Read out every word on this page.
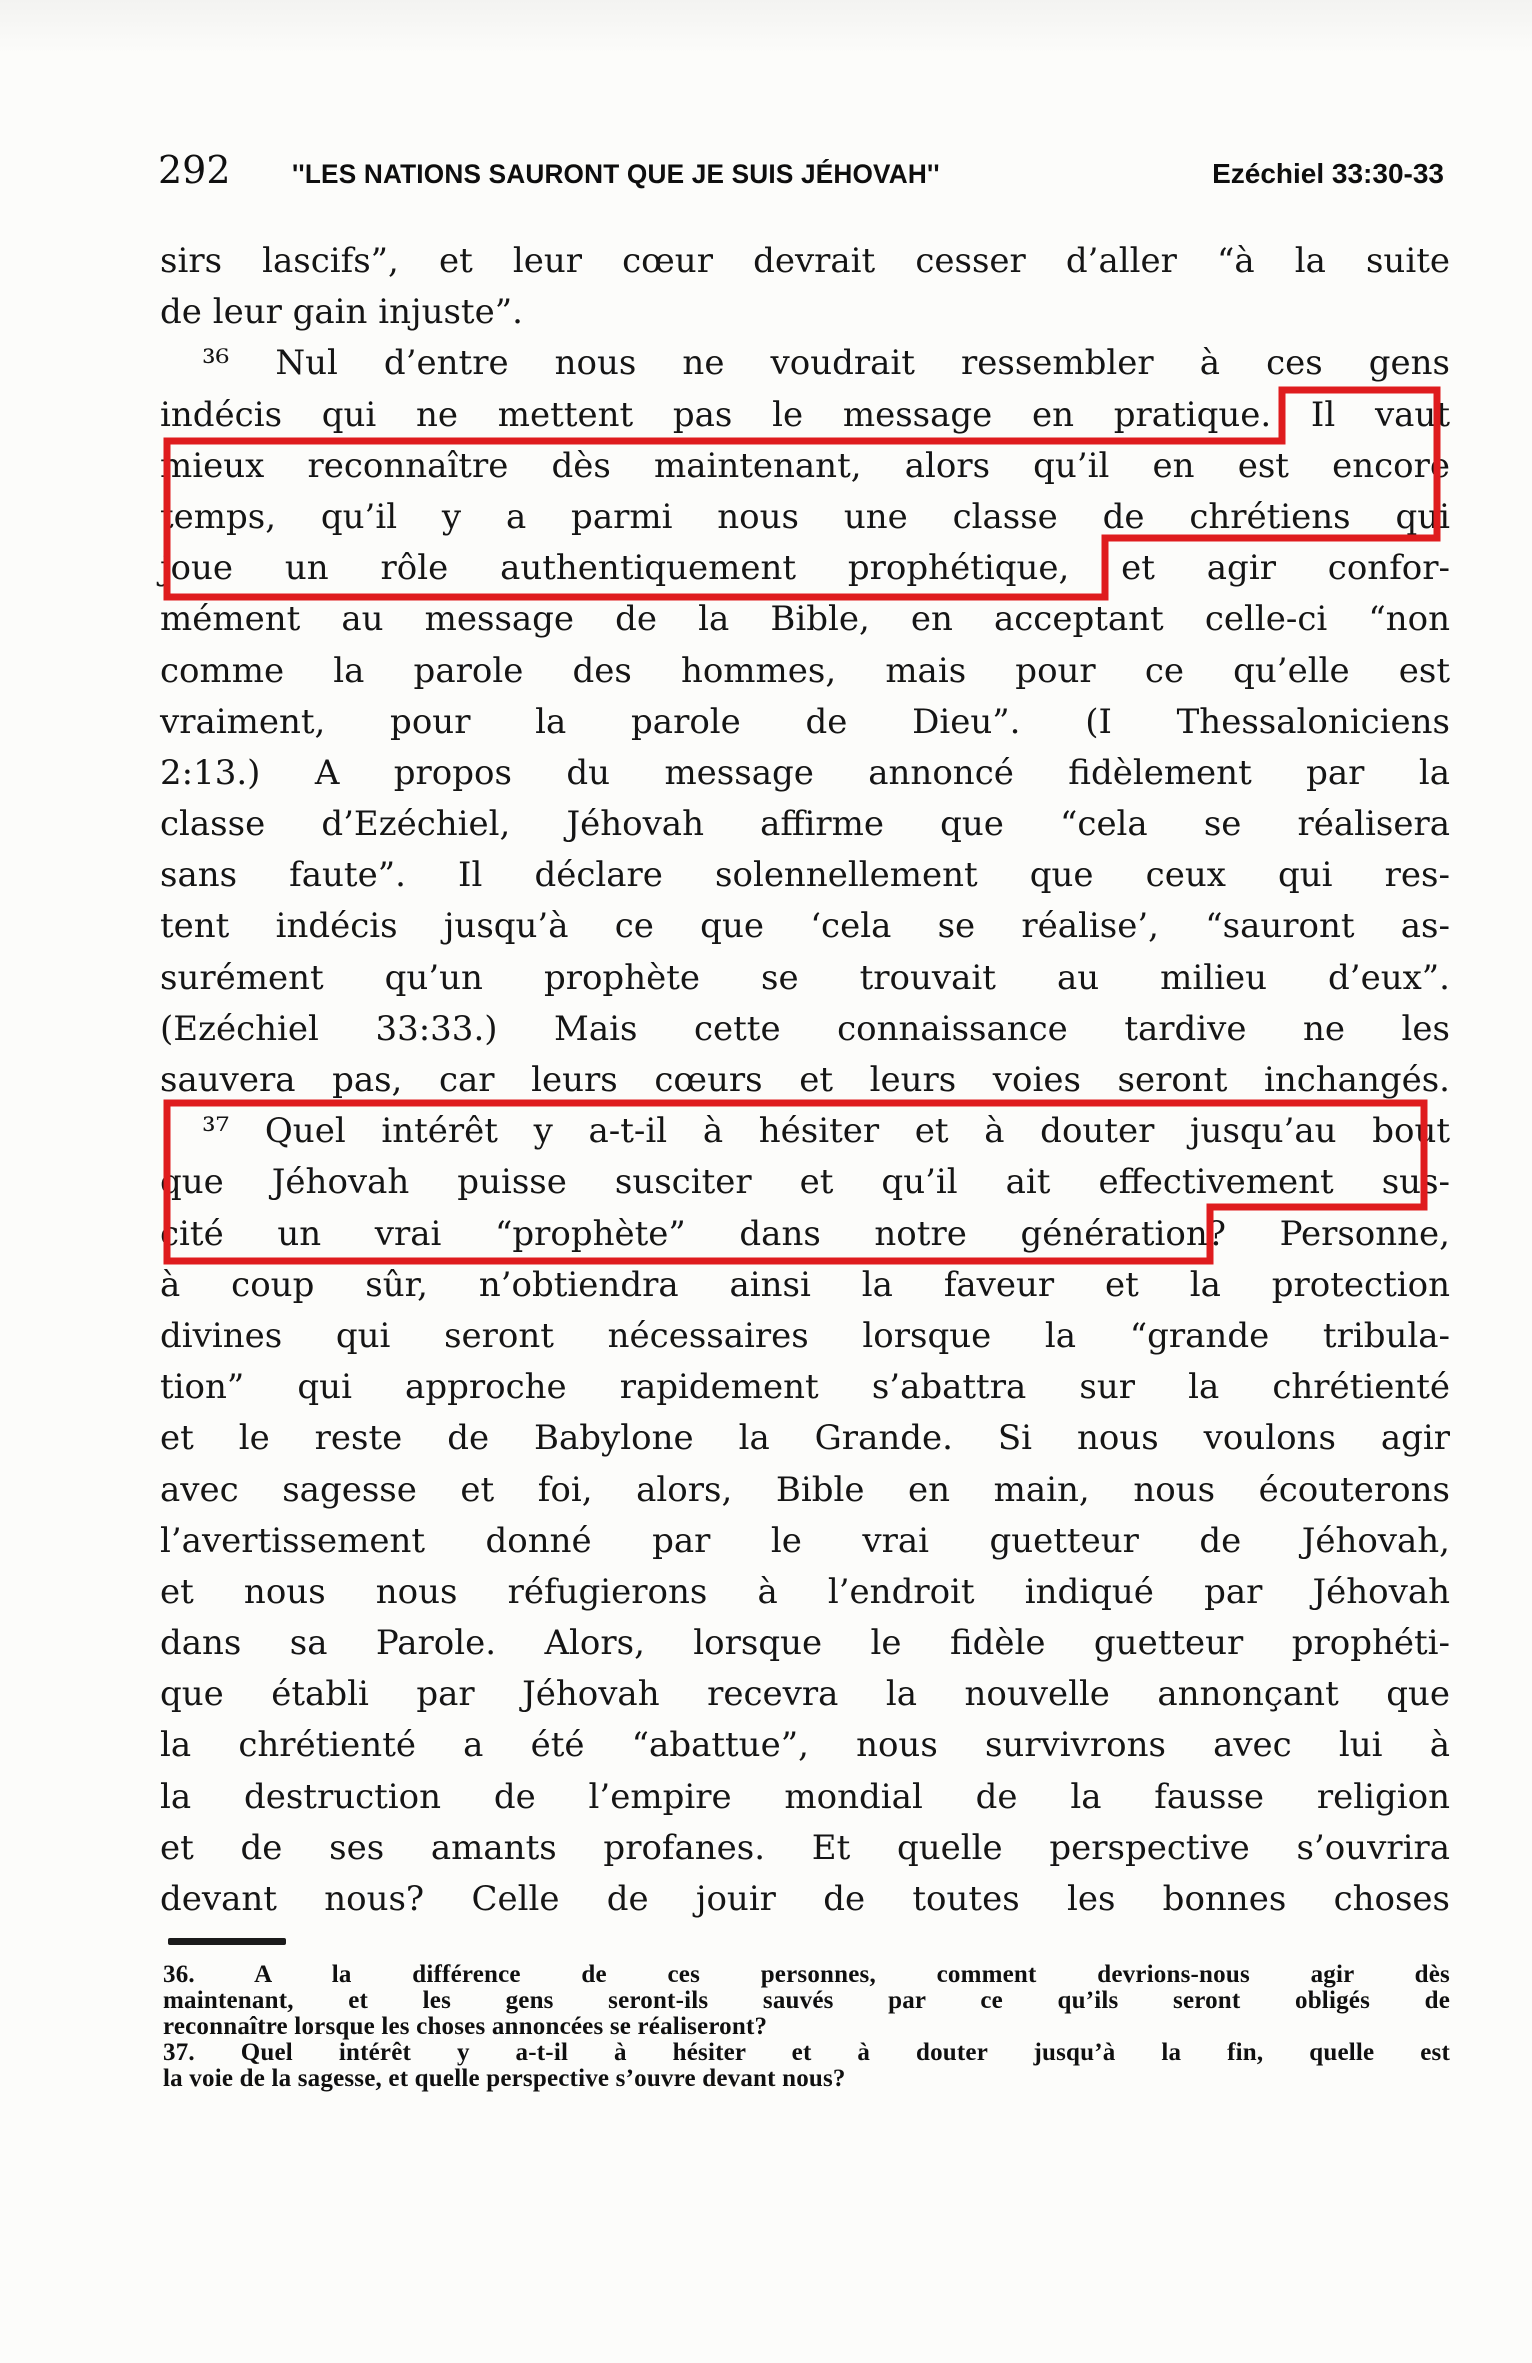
292 ''LES NATIONS SAURONT QUE JE SUIS JÉHOVAH''	Ezéchiel 33:30-33
sirs lascifs”, et leur cœur devrait cesser d’aller “à la suite
de leur gain injuste”.
³⁶ Nul d’entre nous ne voudrait ressembler à ces gens
indécis qui ne mettent pas le message en pratique. Il vaut
mieux reconnaître dès maintenant, alors qu’il en est encore
temps, qu’il y a parmi nous une classe de chrétiens qui
joue un rôle authentiquement prophétique, et agir confor-
mément au message de la Bible, en acceptant celle-ci “non
comme la parole des hommes, mais pour ce qu’elle est
vraiment, pour la parole de Dieu”. (I Thessaloniciens
2:13.) A propos du message annoncé fidèlement par la
classe d’Ezéchiel, Jéhovah affirme que “cela se réalisera
sans faute”. Il déclare solennellement que ceux qui res-
tent indécis jusqu’à ce que ‘cela se réalise’, “sauront as-
surément qu’un prophète se trouvait au milieu d’eux”.
(Ezéchiel 33:33.) Mais cette connaissance tardive ne les
sauvera pas, car leurs cœurs et leurs voies seront inchangés.
³⁷ Quel intérêt y a-t-il à hésiter et à douter jusqu’au bout
que Jéhovah puisse susciter et qu’il ait effectivement sus-
cité un vrai “prophète” dans notre génération? Personne,
à coup sûr, n’obtiendra ainsi la faveur et la protection
divines qui seront nécessaires lorsque la “grande tribula-
tion” qui approche rapidement s’abattra sur la chrétienté
et le reste de Babylone la Grande. Si nous voulons agir
avec sagesse et foi, alors, Bible en main, nous écouterons
l’avertissement donné par le vrai guetteur de Jéhovah,
et nous nous réfugierons à l’endroit indiqué par Jéhovah
dans sa Parole. Alors, lorsque le fidèle guetteur prophéti-
que établi par Jéhovah recevra la nouvelle annonçant que
la chrétienté a été “abattue”, nous survivrons avec lui à
la destruction de l’empire mondial de la fausse religion
et de ses amants profanes. Et quelle perspective s’ouvrira
devant nous? Celle de jouir de toutes les bonnes choses
36. A la différence de ces personnes, comment devrions-nous agir dès
maintenant, et les gens seront-ils sauvés par ce qu’ils seront obligés de
reconnaître lorsque les choses annoncées se réaliseront?
37. Quel intérêt y a-t-il à hésiter et à douter jusqu’à la fin, quelle est
la voie de la sagesse, et quelle perspective s’ouvre devant nous?
